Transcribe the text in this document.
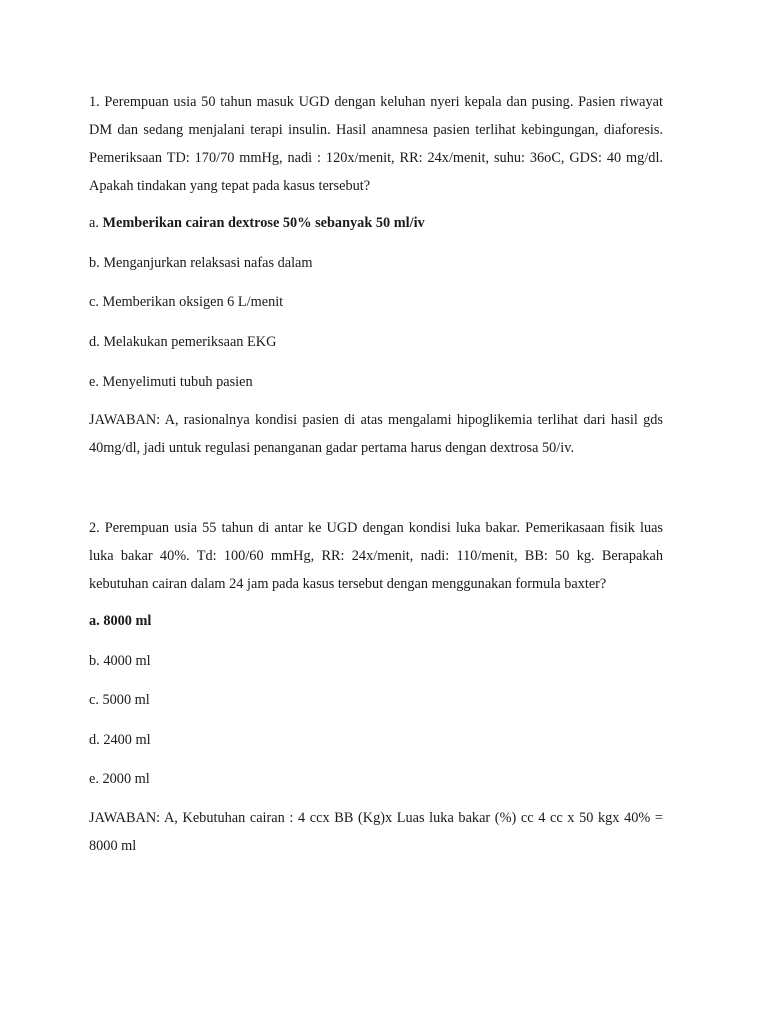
1. Perempuan usia 50 tahun masuk UGD dengan keluhan nyeri kepala dan pusing. Pasien riwayat DM dan sedang menjalani terapi insulin. Hasil anamnesa pasien terlihat kebingungan, diaforesis. Pemeriksaan TD: 170/70 mmHg, nadi : 120x/menit, RR: 24x/menit, suhu: 36oC, GDS: 40 mg/dl. Apakah tindakan yang tepat pada kasus tersebut?

a. Memberikan cairan dextrose 50% sebanyak 50 ml/iv

b. Menganjurkan relaksasi nafas dalam

c. Memberikan oksigen 6 L/menit

d. Melakukan pemeriksaan EKG

e. Menyelimuti tubuh pasien

JAWABAN: A, rasionalnya kondisi pasien di atas mengalami hipoglikemia terlihat dari hasil gds 40mg/dl, jadi untuk regulasi penanganan gadar pertama harus dengan dextrosa 50/iv.

2. Perempuan usia 55 tahun di antar ke UGD dengan kondisi luka bakar. Pemerikasaan fisik luas luka bakar 40%. Td: 100/60 mmHg, RR: 24x/menit, nadi: 110/menit, BB: 50 kg. Berapakah kebutuhan cairan dalam 24 jam pada kasus tersebut dengan menggunakan formula baxter?

a. 8000 ml

b. 4000 ml

c. 5000 ml

d. 2400 ml

e. 2000 ml

JAWABAN: A, Kebutuhan cairan : 4 ccx BB (Kg)x Luas luka bakar (%) cc 4 cc x 50 kgx 40% = 8000 ml
